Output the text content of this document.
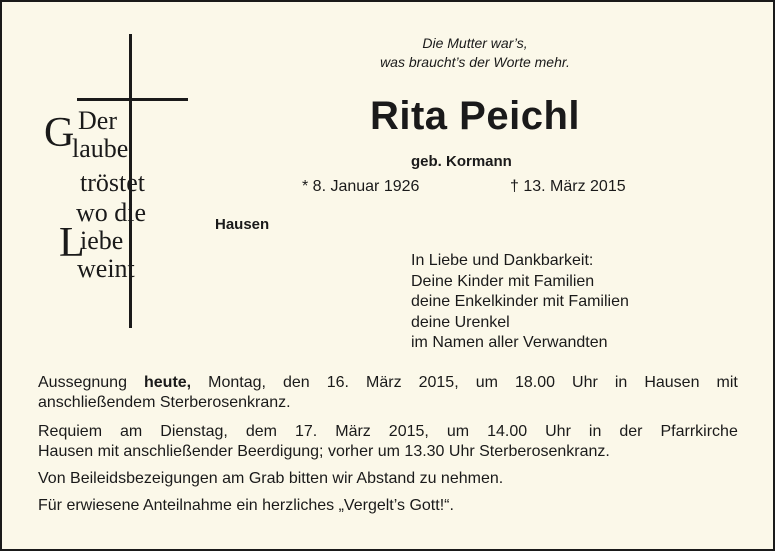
G Der
laube
tröstet
wo die
L
iebe
weint
Die Mutter war’s,
was braucht’s der Worte mehr.
Rita Peichl
geb. Kormann
* 8. Januar 1926	† 13. März 2015
Hausen
In Liebe und Dankbarkeit:
Deine Kinder mit Familien
deine Enkelkinder mit Familien
deine Urenkel
im Namen aller Verwandten
Aussegnung heute, Montag, den 16. März 2015, um 18.00 Uhr in Hausen mit
anschließendem Sterberosenkranz.
Requiem am Dienstag, dem 17. März 2015, um 14.00 Uhr in der Pfarrkirche
Hausen mit anschließender Beerdigung; vorher um 13.30 Uhr Sterberosenkranz.
Von Beileidsbezeigungen am Grab bitten wir Abstand zu nehmen.
Für erwiesene Anteilnahme ein herzliches „Vergelt’s Gott!“.
